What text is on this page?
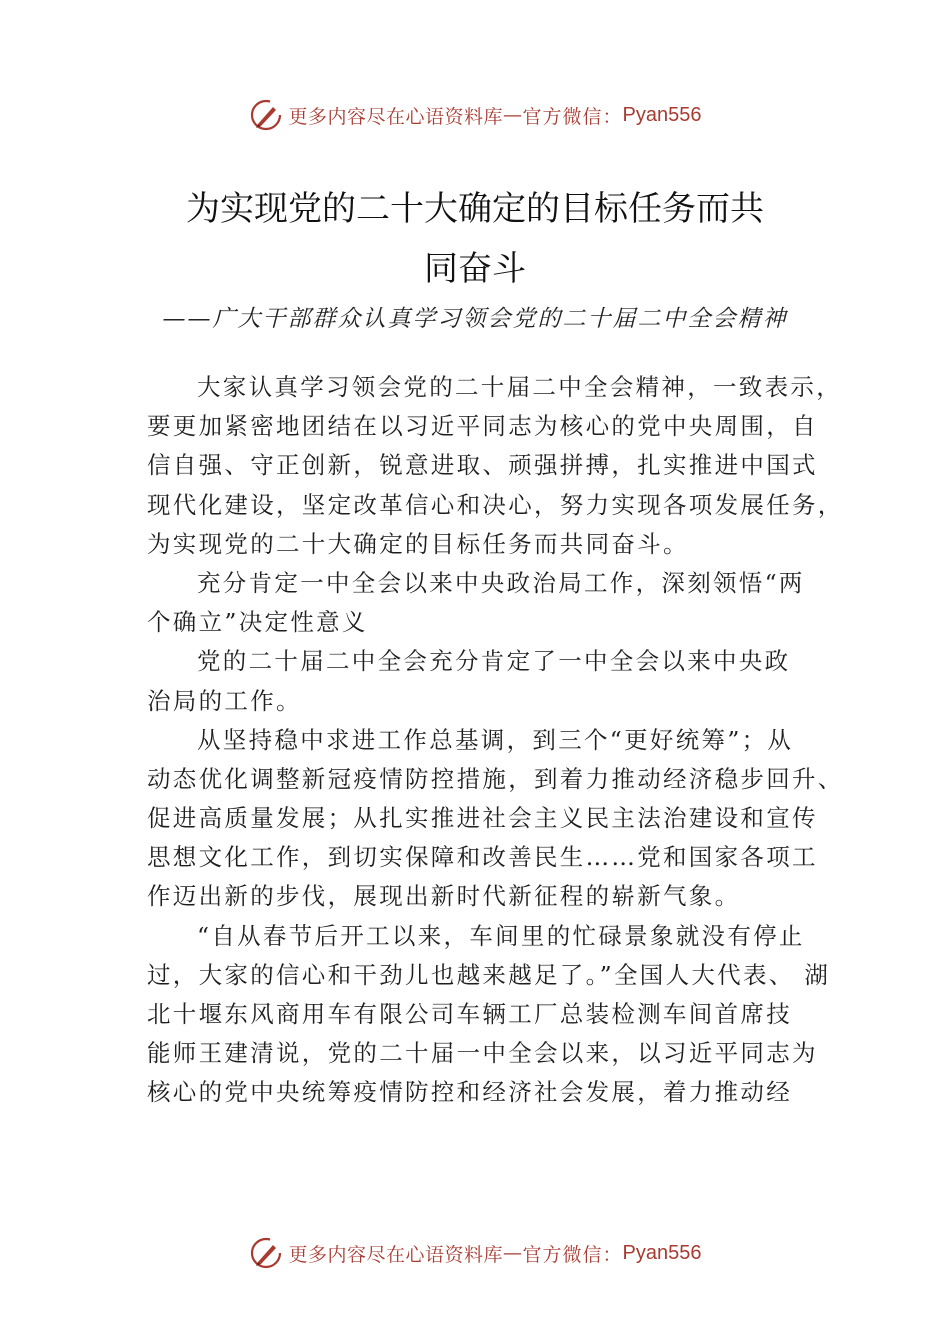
更多内容尽在心语资料库 — 官方微信： Pyan556
为实现党的二十大确定的目标任务而共
同奋斗
——广大干部群众认真学习领会党的二十届二中全会精神
大家认真学习领会党的二十届二中全会精神，一致表示，
要更加紧密地团结在以习近平同志为核心的党中央周围，自
信自强、守正创新，锐意进取、顽强拼搏，扎实推进中国式
现代化建设，坚定改革信心和决心，努力实现各项发展任务，
为实现党的二十大确定的目标任务而共同奋斗。
充分肯定一中全会以来中央政治局工作，深刻领悟“两
个确立”决定性意义
党的二十届二中全会充分肯定了一中全会以来中央政
治局的工作。
从坚持稳中求进工作总基调，到三个“更好统筹”；从
动态优化调整新冠疫情防控措施，到着力推动经济稳步回升、
促进高质量发展；从扎实推进社会主义民主法治建设和宣传
思想文化工作，到切实保障和改善民生……党和国家各项工
作迈出新的步伐，展现出新时代新征程的崭新气象。
“自从春节后开工以来，车间里的忙碌景象就没有停止
过，大家的信心和干劲儿也越来越足了。”全国人大代表、 湖
北十堰东风商用车有限公司车辆工厂总装检测车间首席技
能师王建清说，党的二十届一中全会以来，以习近平同志为
核心的党中央统筹疫情防控和经济社会发展，着力推动经
更多内容尽在心语资料库 — 官方微信： Pyan556
